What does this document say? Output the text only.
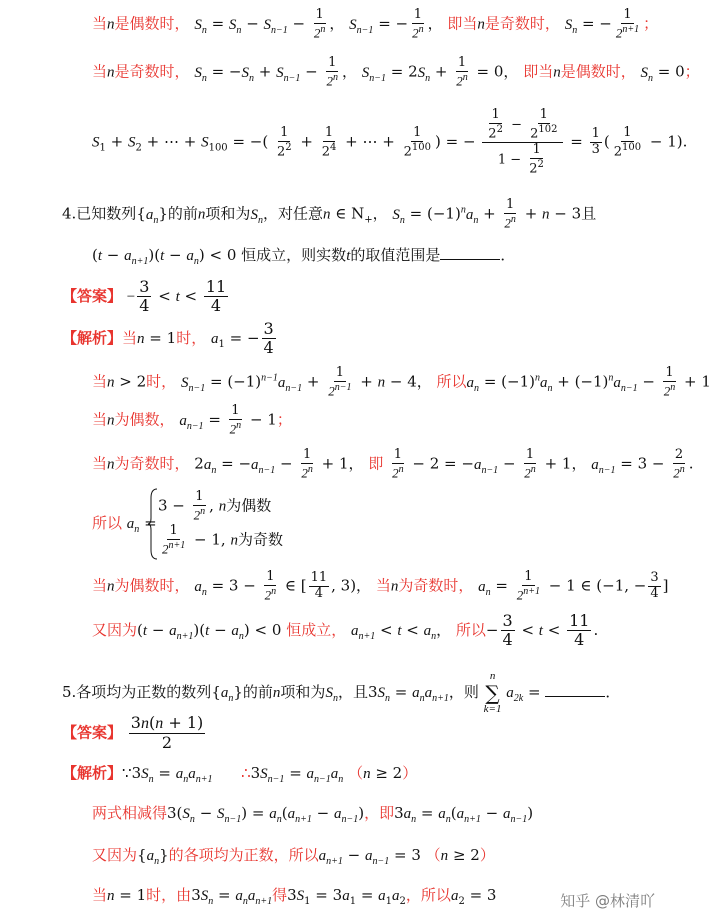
当n是偶数时， $S_n = S_n - S_{n-1} - \frac{1}{2^n}$ ， $S_{n-1}$ = − $\frac{1}{2^n}$ ， 即当n是奇数时， $S_n$ = − $\frac{1}{2^{n+1}}$ ；
当n是奇数时， $S_n = -S_n + S_{n-1} - \frac{1}{2^n}$ ， $S_{n-1} = 2S_n + \frac{1}{2^n} = 0$， 即当n是偶数时， $S_n = 0$；
$S_1 + S_2$ + ⋯ + $S_{100}$ = −( $\frac{1}{2^2} + \frac{1}{2^4}$ + ⋯ + $\frac{1}{2^{100}}$ ) = − $\frac{\frac{1}{2^2} - \frac{1}{2^{102}}}{1 - \frac{1}{2^2}} = \frac{1}{3}$ ( $\frac{1}{2^{100}} - 1$).
4.已知数列$\{a_n\}$的前n项和为$S_n$，对任意n ∈ $N_+$， $S_n = (-1)^na_n + \frac{1}{2^n} + n - 3$且
$(t - a_{n+1})(t - a_n) < 0$ 恒成立，则实数t的取值范围是	．
【答案】 − $\frac{3}{4} < t < \frac{11}{4}$
【解析】当n = 1时， $a_1$ = − $\frac{3}{4}$
当n > 2时， $S_{n-1} = (-1)^{n-1}a_{n-1} + \frac{1}{2^{n-1}} + n - 4$， 所以$a_n = (-1)^na_n + (-1)^na_{n-1} - \frac{1}{2^n} + 1$
当n为偶数， $a_{n-1} = \frac{1}{2^n} - 1$；
当n为奇数时， $2a_n = -a_{n-1} - \frac{1}{2^n} + 1$， 即 $\frac{1}{2^n} - 2 = -a_{n-1} - \frac{1}{2^n} + 1$， $a_{n-1} = 3 - \frac{2}{2^n}$ .
所以 $a_n$ =
$3 - \frac{1}{2^n}$ , n为偶数
$\frac{1}{2^{n+1}} - 1$, n为奇数
当n为偶数时， $a_n = 3 - \frac{1}{2^n}$ ∈ [ $\frac{11}{4}$ , 3)， 当n为奇数时， $a_n = \frac{1}{2^{n+1}} - 1$ ∈ (−1, − $\frac{3}{4}$ ]
又因为$(t - a_{n+1})(t - a_n) < 0$ 恒成立， $a_{n+1} < t < a_n$， 所以− $\frac{3}{4} < t < \frac{11}{4}$ .
5.各项均为正数的数列$\{a_n\}$的前n项和为$S_n$，且$3S_n = a_na_{n+1}$，则
n
∑
k=1
$a_{2k}$ =	．
【答案】 $\frac{3n(n + 1)}{2}$
【解析】$\because 3S_n = a_na_{n+1}$ $\therefore 3S_{n-1} = a_{n-1}a_n$ （n ≥ 2）
两式相减得$3(S_n - S_{n-1}) = a_n(a_{n+1} - a_{n-1})$，即$3a_n = a_n(a_{n+1} - a_{n-1})$
又因为$\{a_n\}$的各项均为正数，所以$a_{n+1} - a_{n-1} = 3$ （n ≥ 2）
当n = 1时，由$3S_n = a_na_{n+1}$得$3S_1 = 3a_1 = a_1a_2$，所以$a_2 = 3$	知乎 @林清吖
